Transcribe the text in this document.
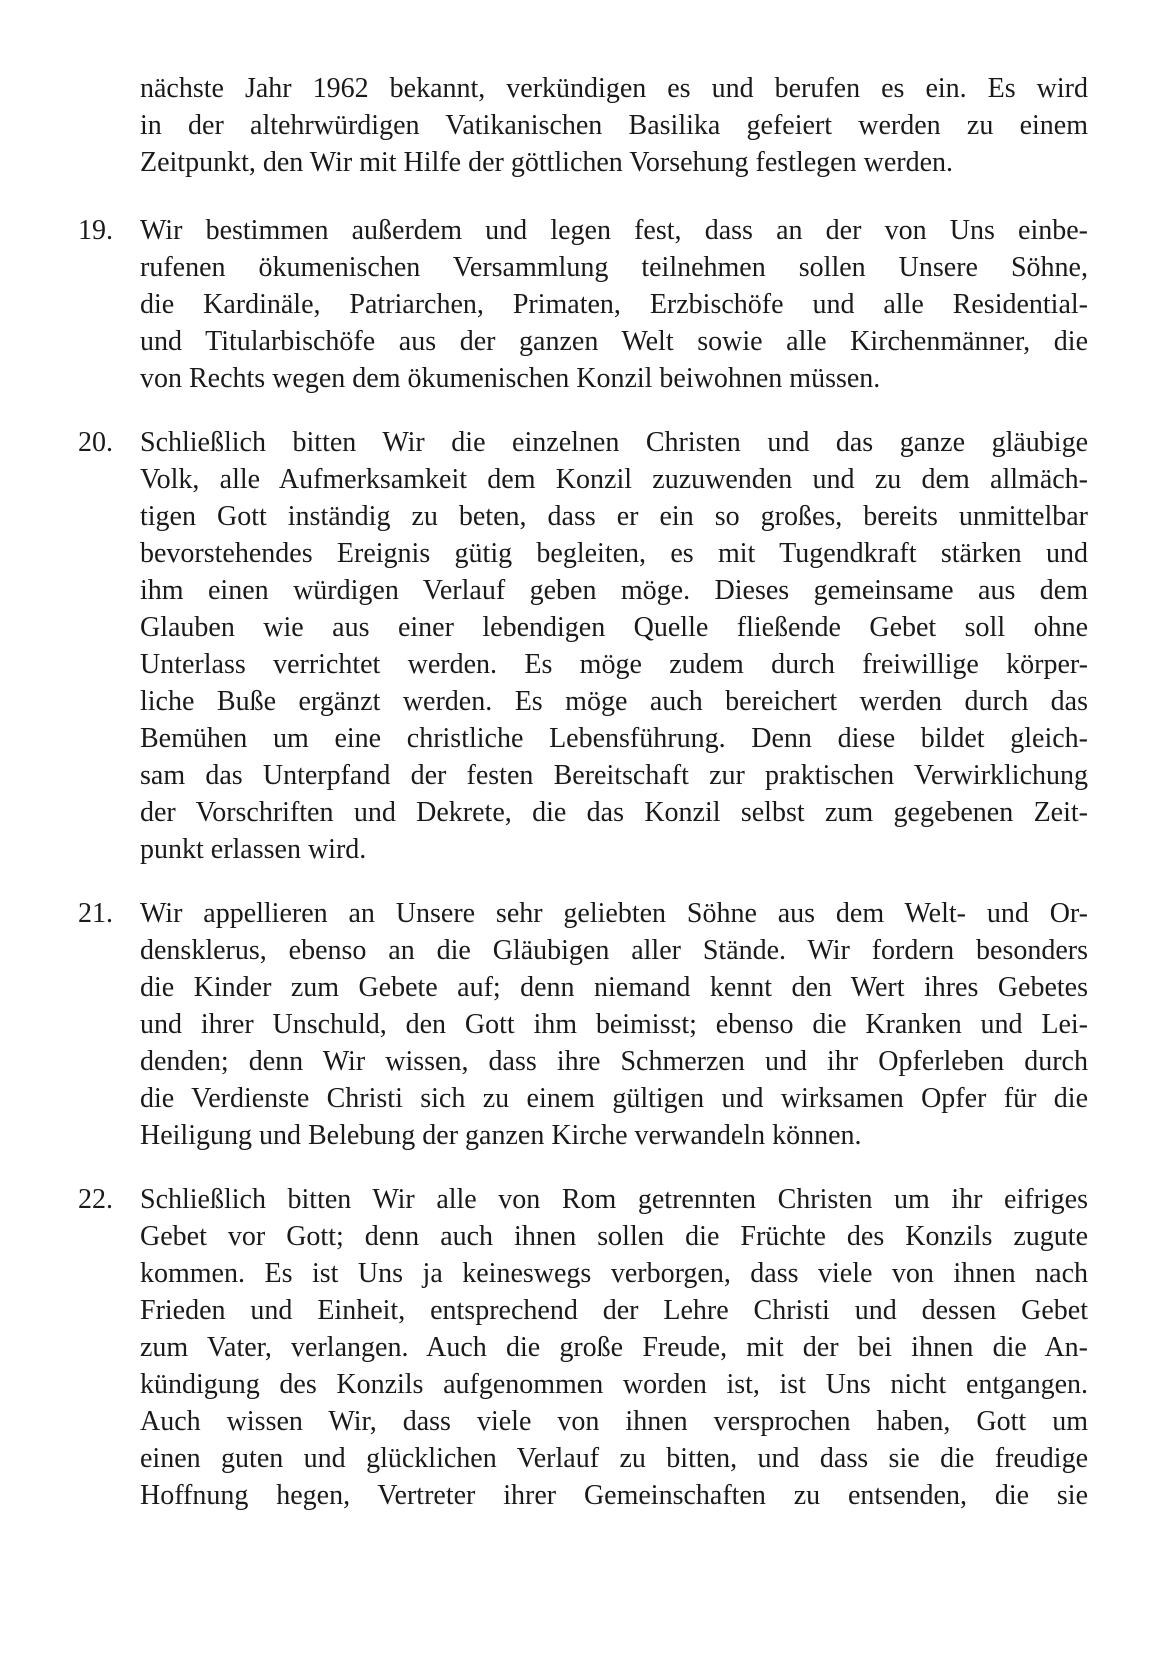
nächste Jahr 1962 bekannt, verkündigen es und berufen es ein. Es wird
in der altehrwürdigen Vatikanischen Basilika gefeiert werden zu einem
Zeitpunkt, den Wir mit Hilfe der göttlichen Vorsehung festlegen werden.
19. Wir bestimmen außerdem und legen fest, dass an der von Uns einbe-
rufenen ökumenischen Versammlung teilnehmen sollen Unsere Söhne,
die Kardinäle, Patriarchen, Primaten, Erzbischöfe und alle Residential-
und Titularbischöfe aus der ganzen Welt sowie alle Kirchenmänner, die
von Rechts wegen dem ökumenischen Konzil beiwohnen müssen.
20. Schließlich bitten Wir die einzelnen Christen und das ganze gläubige
Volk, alle Aufmerksamkeit dem Konzil zuzuwenden und zu dem allmäch-
tigen Gott inständig zu beten, dass er ein so großes, bereits unmittelbar
bevorstehendes Ereignis gütig begleiten, es mit Tugendkraft stärken und
ihm einen würdigen Verlauf geben möge. Dieses gemeinsame aus dem
Glauben wie aus einer lebendigen Quelle fließende Gebet soll ohne
Unterlass verrichtet werden. Es möge zudem durch freiwillige körper-
liche Buße ergänzt werden. Es möge auch bereichert werden durch das
Bemühen um eine christliche Lebensführung. Denn diese bildet gleich-
sam das Unterpfand der festen Bereitschaft zur praktischen Verwirklichung
der Vorschriften und Dekrete, die das Konzil selbst zum gegebenen Zeit-
punkt erlassen wird.
21. Wir appellieren an Unsere sehr geliebten Söhne aus dem Welt- und Or-
densklerus, ebenso an die Gläubigen aller Stände. Wir fordern besonders
die Kinder zum Gebete auf; denn niemand kennt den Wert ihres Gebetes
und ihrer Unschuld, den Gott ihm beimisst; ebenso die Kranken und Lei-
denden; denn Wir wissen, dass ihre Schmerzen und ihr Opferleben durch
die Verdienste Christi sich zu einem gültigen und wirksamen Opfer für die
Heiligung und Belebung der ganzen Kirche verwandeln können.
22. Schließlich bitten Wir alle von Rom getrennten Christen um ihr eifriges
Gebet vor Gott; denn auch ihnen sollen die Früchte des Konzils zugute
kommen. Es ist Uns ja keineswegs verborgen, dass viele von ihnen nach
Frieden und Einheit, entsprechend der Lehre Christi und dessen Gebet
zum Vater, verlangen. Auch die große Freude, mit der bei ihnen die An-
kündigung des Konzils aufgenommen worden ist, ist Uns nicht entgangen.
Auch wissen Wir, dass viele von ihnen versprochen haben, Gott um
einen guten und glücklichen Verlauf zu bitten, und dass sie die freudige
Hoffnung hegen, Vertreter ihrer Gemeinschaften zu entsenden, die sie
